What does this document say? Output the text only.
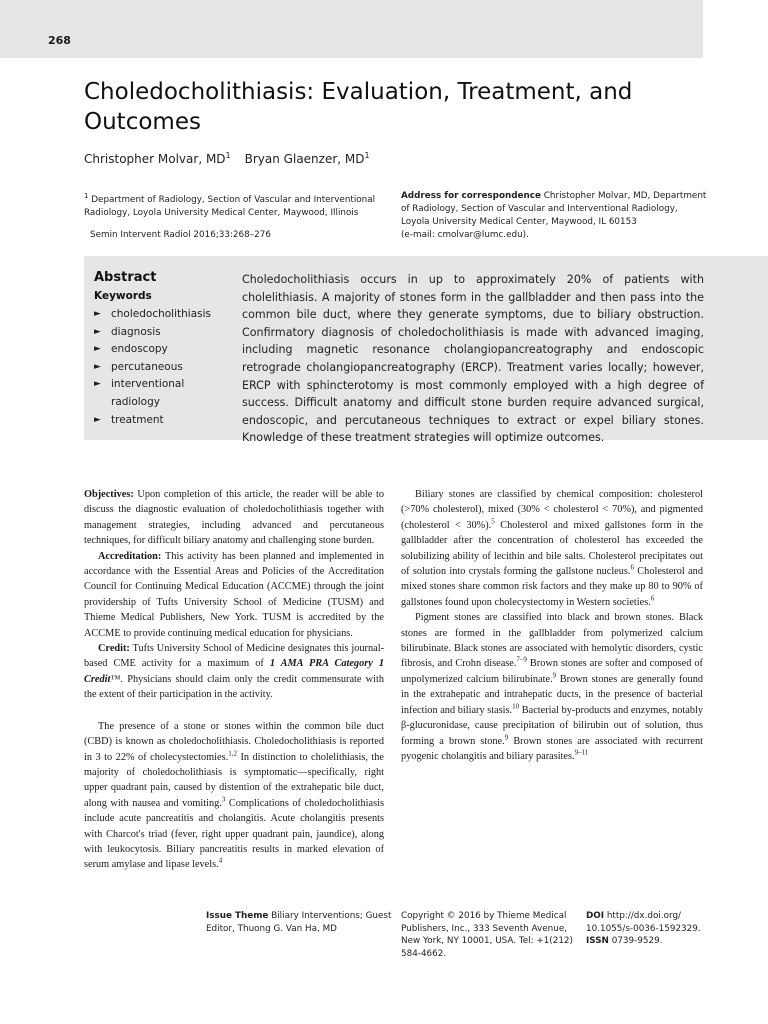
268
Choledocholithiasis: Evaluation, Treatment, and Outcomes
Christopher Molvar, $MD^1$ Bryan Glaenzer, $MD^1$
$^1$ Department of Radiology, Section of Vascular and Interventional Radiology, Loyola University Medical Center, Maywood, Illinois
Semin Intervent Radiol 2016;33:268–276
Address for correspondence Christopher Molvar, MD, Department of Radiology, Section of Vascular and Interventional Radiology, Loyola University Medical Center, Maywood, IL 60153
(e-mail: cmolvar@lumc.edu).
Abstract
Keywords
► choledocholithiasis
► diagnosis
► endoscopy
► percutaneous
► interventional radiology
► treatment
Choledocholithiasis occurs in up to approximately 20% of patients with cholelithiasis. A majority of stones form in the gallbladder and then pass into the common bile duct, where they generate symptoms, due to biliary obstruction. Confirmatory diagnosis of choledocholithiasis is made with advanced imaging, including magnetic resonance cholangiopancreatography and endoscopic retrograde cholangiopancreatography (ERCP). Treatment varies locally; however, ERCP with sphincterotomy is most commonly employed with a high degree of success. Difficult anatomy and difficult stone burden require advanced surgical, endoscopic, and percutaneous techniques to extract or expel biliary stones. Knowledge of these treatment strategies will optimize outcomes.

Objectives: Upon completion of this article, the reader will be able to discuss the diagnostic evaluation of choledocholithiasis together with management strategies, including advanced and percutaneous techniques, for difficult biliary anatomy and challenging stone burden.

Accreditation: This activity has been planned and implemented in accordance with the Essential Areas and Policies of the Accreditation Council for Continuing Medical Education (ACCME) through the joint providership of Tufts University School of Medicine (TUSM) and Thieme Medical Publishers, New York. TUSM is accredited by the ACCME to provide continuing medical education for physicians.

Credit: Tufts University School of Medicine designates this journal-based CME activity for a maximum of 1 AMA PRA Category 1 Credit™. Physicians should claim only the credit commensurate with the extent of their participation in the activity.

The presence of a stone or stones within the common bile duct (CBD) is known as choledocholithiasis. Choledocholithiasis is reported in 3 to 22% of cholecystectomies.$^{1,2}$ In distinction to cholelithiasis, the majority of choledocholithiasis is symptomatic—specifically, right upper quadrant pain, caused by distention of the extrahepatic bile duct, along with nausea and vomiting.$^3$ Complications of choledocholithiasis include acute pancreatitis and cholangitis. Acute cholangitis presents with Charcot's triad (fever, right upper quadrant pain, jaundice), along with leukocytosis. Biliary pancreatitis results in marked elevation of serum amylase and lipase levels.$^4$

Biliary stones are classified by chemical composition: cholesterol (>70% cholesterol), mixed (30% < cholesterol < 70%), and pigmented (cholesterol < 30%).$^5$ Cholesterol and mixed gallstones form in the gallbladder after the concentration of cholesterol has exceeded the solubilizing ability of lecithin and bile salts. Cholesterol precipitates out of solution into crystals forming the gallstone nucleus.$^6$ Cholesterol and mixed stones share common risk factors and they make up 80 to 90% of gallstones found upon cholecystectomy in Western societies.$^6$

Pigment stones are classified into black and brown stones. Black stones are formed in the gallbladder from polymerized calcium bilirubinate. Black stones are associated with hemolytic disorders, cystic fibrosis, and Crohn disease.$^{7-9}$ Brown stones are softer and composed of unpolymerized calcium bilirubinate.$^9$ Brown stones are generally found in the extrahepatic and intrahepatic ducts, in the presence of bacterial infection and biliary stasis.$^{10}$ Bacterial by-products and enzymes, notably β-glucuronidase, cause precipitation of bilirubin out of solution, thus forming a brown stone.$^9$ Brown stones are associated with recurrent pyogenic cholangitis and biliary parasites.$^{9-11}$

Issue Theme Biliary Interventions; Guest Editor, Thuong G. Van Ha, MD
Copyright © 2016 by Thieme Medical Publishers, Inc., 333 Seventh Avenue, New York, NY 10001, USA. Tel: +1(212) 584-4662.
DOI http://dx.doi.org/ 10.1055/s-0036-1592329.
ISSN 0739-9529.
